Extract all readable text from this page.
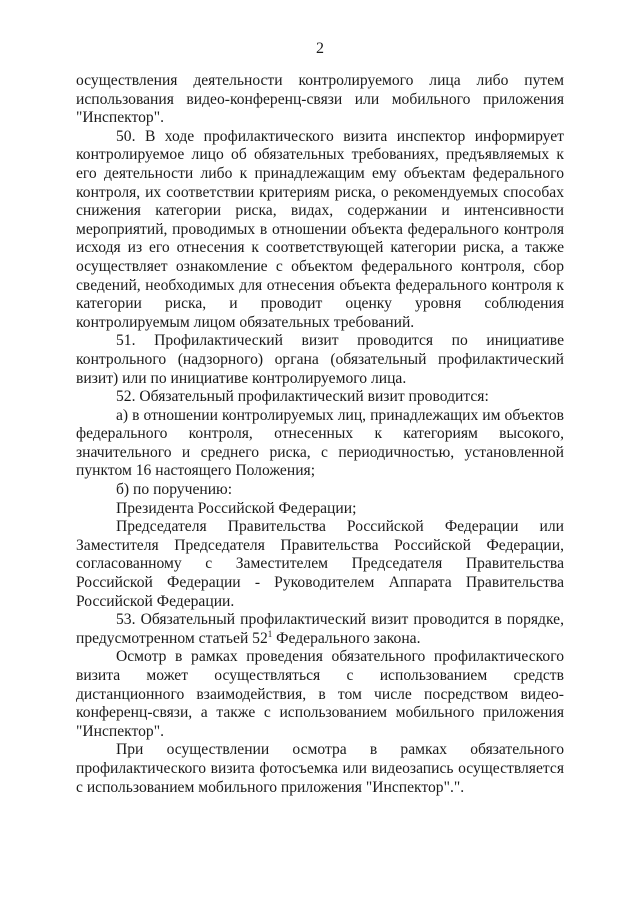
2

осуществления деятельности контролируемого лица либо путем использования видео-конференц-связи или мобильного приложения "Инспектор".

50. В ходе профилактического визита инспектор информирует контролируемое лицо об обязательных требованиях, предъявляемых к его деятельности либо к принадлежащим ему объектам федерального контроля, их соответствии критериям риска, о рекомендуемых способах снижения категории риска, видах, содержании и интенсивности мероприятий, проводимых в отношении объекта федерального контроля исходя из его отнесения к соответствующей категории риска, а также осуществляет ознакомление с объектом федерального контроля, сбор сведений, необходимых для отнесения объекта федерального контроля к категории риска, и проводит оценку уровня соблюдения контролируемым лицом обязательных требований.

51. Профилактический визит проводится по инициативе контрольного (надзорного) органа (обязательный профилактический визит) или по инициативе контролируемого лица.

52. Обязательный профилактический визит проводится:

а) в отношении контролируемых лиц, принадлежащих им объектов федерального контроля, отнесенных к категориям высокого, значительного и среднего риска, с периодичностью, установленной пунктом 16 настоящего Положения;

б) по поручению:

Президента Российской Федерации;

Председателя Правительства Российской Федерации или Заместителя Председателя Правительства Российской Федерации, согласованному с Заместителем Председателя Правительства Российской Федерации - Руководителем Аппарата Правительства Российской Федерации.

53. Обязательный профилактический визит проводится в порядке, предусмотренном статьей 52$^1$ Федерального закона.

Осмотр в рамках проведения обязательного профилактического визита может осуществляться с использованием средств дистанционного взаимодействия, в том числе посредством видео-конференц-связи, а также с использованием мобильного приложения "Инспектор".

При осуществлении осмотра в рамках обязательного профилактического визита фотосъемка или видеозапись осуществляется с использованием мобильного приложения "Инспектор".".
